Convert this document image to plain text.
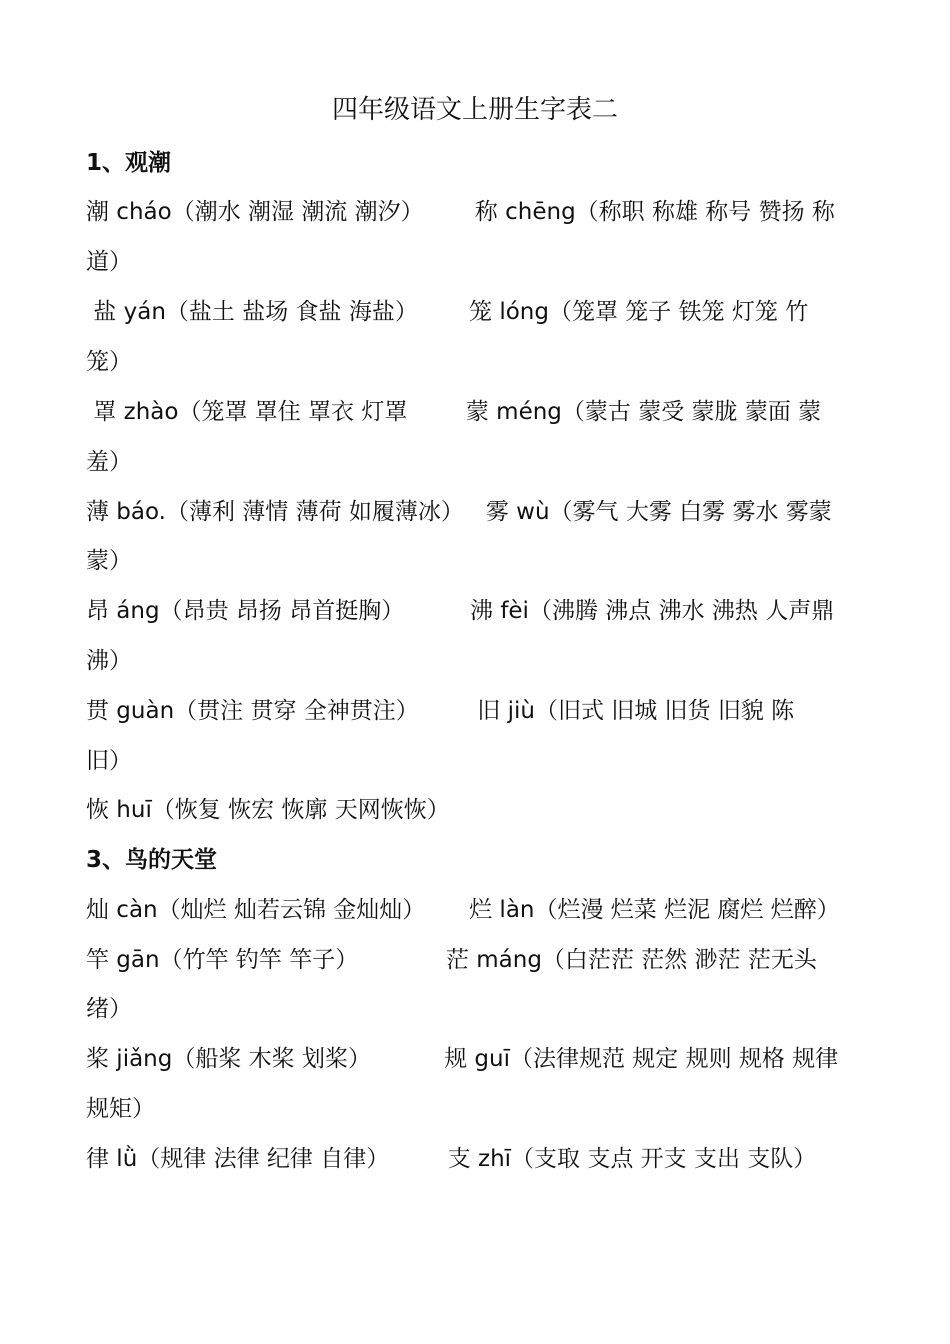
四年级语文上册生字表二
1、观潮
潮 cháo（潮水 潮湿 潮流 潮汐）       称 chēng（称职 称雄 称号 赞扬 称
道）
盐 yán（盐土 盐场 食盐 海盐）       笼 lóng（笼罩 笼子 铁笼 灯笼 竹
笼）
罩 zhào（笼罩 罩住 罩衣 灯罩        蒙 méng（蒙古 蒙受 蒙胧 蒙面 蒙
羞）
薄 báo.（薄利 薄情 薄荷 如履薄冰）   雾 wù（雾气 大雾 白雾 雾水 雾蒙
蒙）
昂 áng（昂贵 昂扬 昂首挺胸）         沸 fèi（沸腾 沸点 沸水 沸热 人声鼎
沸）
贯 guàn（贯注 贯穿 全神贯注）        旧 jiù（旧式 旧城 旧货 旧貌 陈
旧）
恢 huī（恢复 恢宏 恢廓 天网恢恢）
3、鸟的天堂
灿 càn（灿烂 灿若云锦 金灿灿）      烂 làn（烂漫 烂菜 烂泥 腐烂 烂醉）
竿 gān（竹竿 钓竿 竿子）            茫 máng（白茫茫 茫然 渺茫 茫无头
绪）
桨 jiǎng（船桨 木桨 划桨）          规 guī（法律规范 规定 规则 规格 规律
规矩）
律 lǜ（规律 法律 纪律 自律）        支 zhī（支取 支点 开支 支出 支队）
